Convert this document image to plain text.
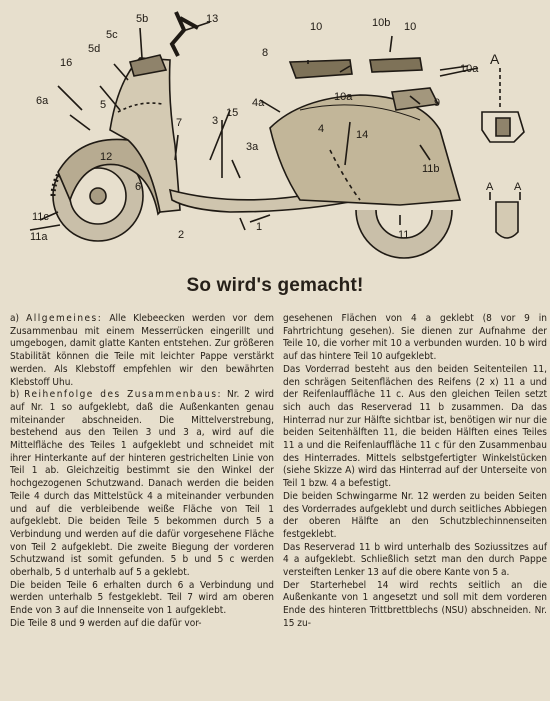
5b	13
5c
5d
16
6a	5
12
6
11c
11a	2
7	3
15
3a
1
4a
4	14
8
10	10b 10
10a
10a
9
11b
11
A
A A
So wird's gemacht!

a) Allgemeines: Alle Klebeecken werden vor dem Zusammenbau mit einem Messerrücken eingerillt und umgebogen, damit glatte Kanten entstehen. Zur größeren Stabilität können die Teile mit leichter Pappe verstärkt werden. Als Klebstoff empfehlen wir den bewährten Klebstoff Uhu.

b) Reihenfolge des Zusammenbaus: Nr. 2 wird auf Nr. 1 so aufgeklebt, daß die Außenkanten genau miteinander abschneiden. Die Mittelverstrebung, bestehend aus den Teilen 3 und 3 a, wird auf die Mittelfläche des Teiles 1 aufgeklebt und schneidet mit ihrer Hinterkante auf der hinteren gestrichelten Linie von Teil 1 ab. Gleichzeitig bestimmt sie den Winkel der hochgezogenen Schutzwand. Danach werden die beiden Teile 4 durch das Mittelstück 4 a miteinander verbunden und auf die verbleibende weiße Fläche von Teil 1 aufgeklebt. Die beiden Teile 5 bekommen durch 5 a Verbindung und werden auf die dafür vorgesehene Fläche von Teil 2 aufgeklebt. Die zweite Biegung der vorderen Schutzwand ist somit gefunden. 5 b und 5 c werden oberhalb, 5 d unterhalb auf 5 a geklebt.

Die beiden Teile 6 erhalten durch 6 a Verbindung und werden unterhalb 5 festgeklebt. Teil 7 wird am oberen Ende von 3 auf die Innenseite von 1 aufgeklebt.

Die Teile 8 und 9 werden auf die dafür vor-

gesehenen Flächen von 4 a geklebt (8 vor 9 in Fahrtrichtung gesehen). Sie dienen zur Aufnahme der Teile 10, die vorher mit 10 a verbunden wurden. 10 b wird auf das hintere Teil 10 aufgeklebt.

Das Vorderrad besteht aus den beiden Seitenteilen 11, den schrägen Seitenflächen des Reifens (2 x) 11 a und der Reifenlauffläche 11 c. Aus den gleichen Teilen setzt sich auch das Reserverad 11 b zusammen. Da das Hinterrad nur zur Hälfte sichtbar ist, benötigen wir nur die beiden Seitenhälften 11, die beiden Hälften eines Teiles 11 a und die Reifenlauffläche 11 c für den Zusammenbau des Hinterrades. Mittels selbstgefertigter Winkelstücken (siehe Skizze A) wird das Hinterrad auf der Unterseite von Teil 1 bzw. 4 a befestigt.

Die beiden Schwingarme Nr. 12 werden zu beiden Seiten des Vorderrades aufgeklebt und durch seitliches Abbiegen der oberen Hälfte an den Schutzblechinnenseiten festgeklebt.

Das Reserverad 11 b wird unterhalb des Soziussitzes auf 4 a aufgeklebt. Schließlich setzt man den durch Pappe versteiften Lenker 13 auf die obere Kante von 5 a.

Der Starterhebel 14 wird rechts seitlich an die Außenkante von 1 angesetzt und soll mit dem vorderen Ende des hinteren Trittbrettblechs (NSU) abschneiden. Nr. 15 zu-
